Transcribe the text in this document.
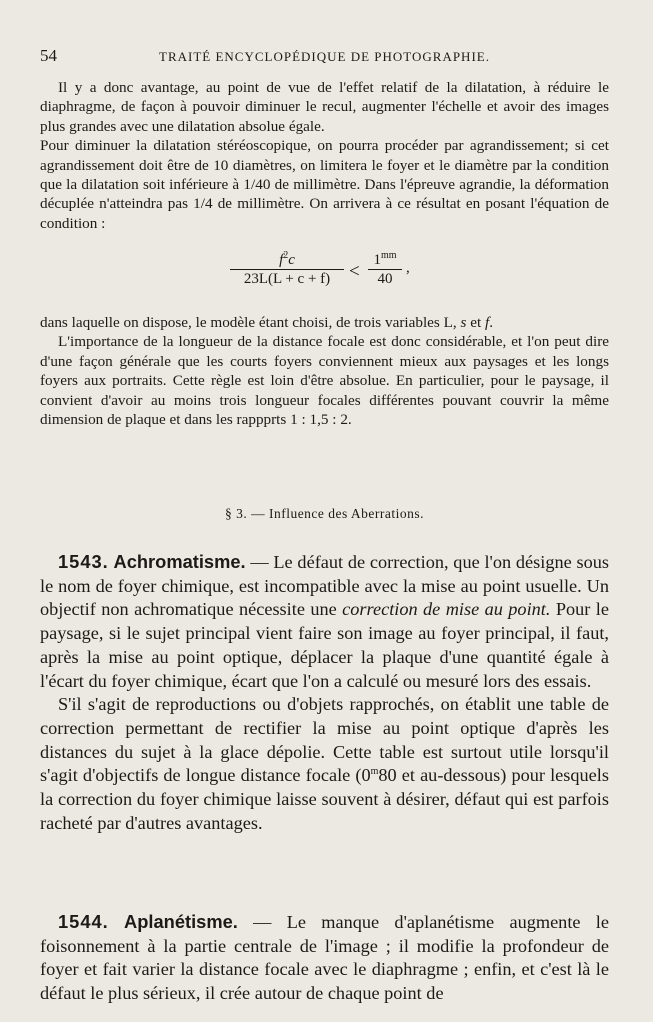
54	TRAITÉ ENCYCLOPÉDIQUE DE PHOTOGRAPHIE.

Il y a donc avantage, au point de vue de l'effet relatif de la dilatation, à réduire le diaphragme, de façon à pouvoir diminuer le recul, augmenter l'échelle et avoir des images plus grandes avec une dilatation absolue égale.

Pour diminuer la dilatation stéréoscopique, on pourra procéder par agrandissement; si cet agrandissement doit être de 10 diamètres, on limitera le foyer et le diamètre par la condition que la dilatation soit inférieure à 1/40 de millimètre. Dans l'épreuve agrandie, la déformation décuplée n'atteindra pas 1/4 de millimètre. On arrivera à ce résultat en posant l'équation de condition :

$\frac{f^2c}{23L(L + c + f)} < \frac{1^{mm}}{40}$ ,

dans laquelle on dispose, le modèle étant choisi, de trois variables L, s et f.

L'importance de la longueur de la distance focale est donc considérable, et l'on peut dire d'une façon générale que les courts foyers conviennent mieux aux paysages et les longs foyers aux portraits. Cette règle est loin d'être absolue. En particulier, pour le paysage, il convient d'avoir au moins trois longueur focales différentes pouvant couvrir la même dimension de plaque et dans les rappprts 1 : 1,5 : 2.

§ 3. — Influence des Aberrations.

1543. Achromatisme. — Le défaut de correction, que l'on désigne sous le nom de foyer chimique, est incompatible avec la mise au point usuelle. Un objectif non achromatique nécessite une correction de mise au point. Pour le paysage, si le sujet principal vient faire son image au foyer principal, il faut, après la mise au point optique, déplacer la plaque d'une quantité égale à l'écart du foyer chimique, écart que l'on a calculé ou mesuré lors des essais.

S'il s'agit de reproductions ou d'objets rapprochés, on établit une table de correction permettant de rectifier la mise au point optique d'après les distances du sujet à la glace dépolie. Cette table est surtout utile lorsqu'il s'agit d'objectifs de longue distance focale (0$^m$80 et au-dessous) pour lesquels la correction du foyer chimique laisse souvent à désirer, défaut qui est parfois racheté par d'autres avantages.

1544. Aplanétisme. — Le manque d'aplanétisme augmente le foisonnement à la partie centrale de l'image ; il modifie la profondeur de foyer et fait varier la distance focale avec le diaphragme ; enfin, et c'est là le défaut le plus sérieux, il crée autour de chaque point de
